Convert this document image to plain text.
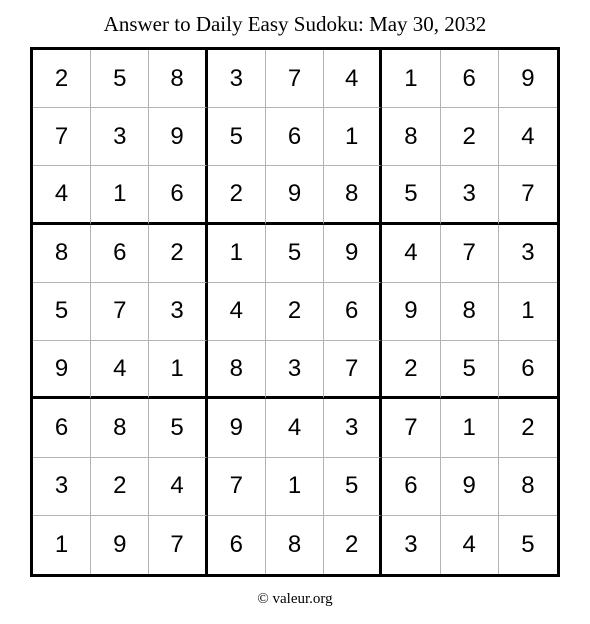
Answer to Daily Easy Sudoku: May 30, 2032
2	5	8	3	7	4	1	6	9
7	3	9	5	6	1	8	2	4
4	1	6	2	9	8	5	3	7
8	6	2	1	5	9	4	7	3
5	7	3	4	2	6	9	8	1
9	4	1	8	3	7	2	5	6
6	8	5	9	4	3	7	1	2
3	2	4	7	1	5	6	9	8
1	9	7	6	8	2	3	4	5
© valeur.org
